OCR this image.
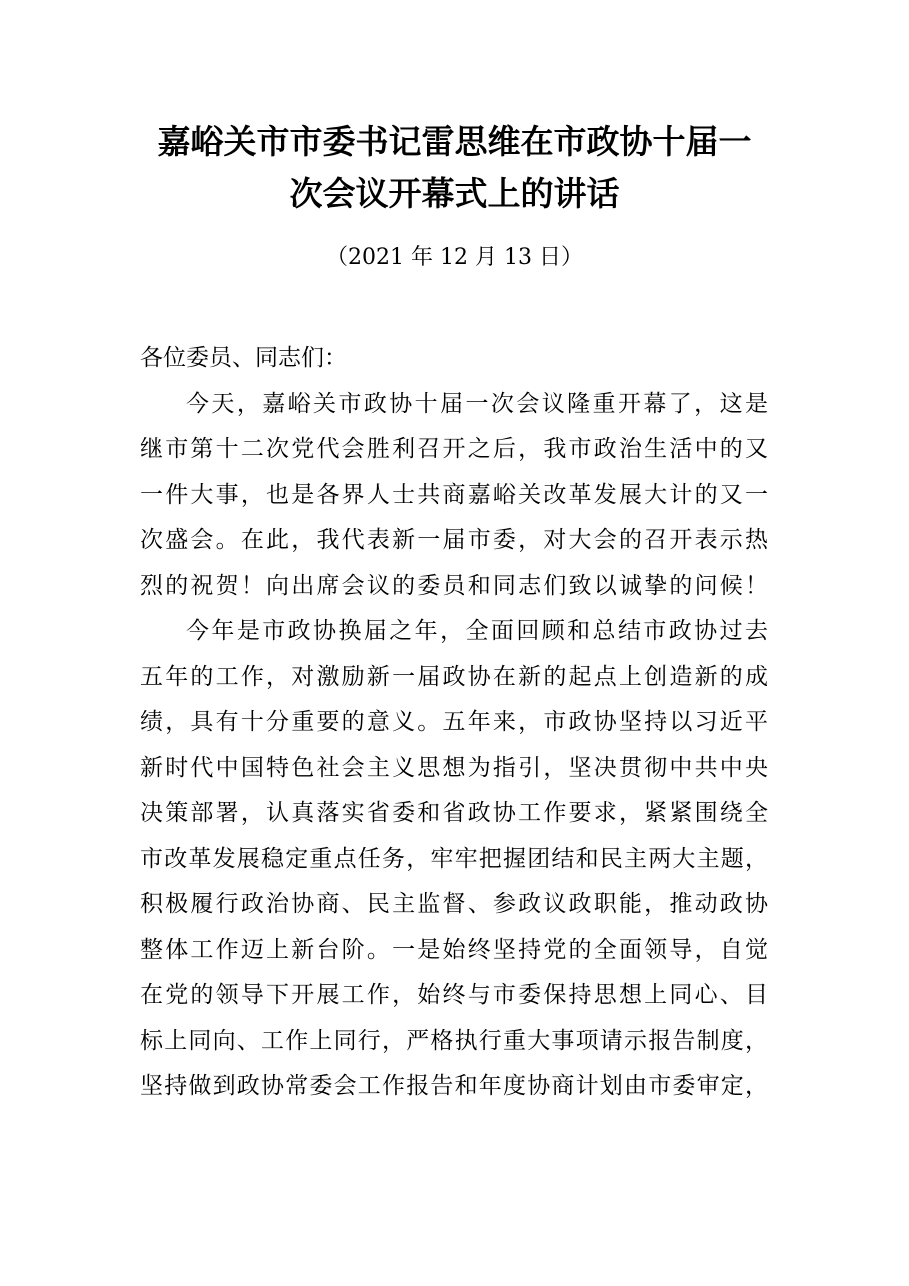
嘉峪关市市委书记雷思维在市政协十届一
次会议开幕式上的讲话
（2021 年 12 月 13 日）
各位委员、同志们：
今天，嘉峪关市政协十届一次会议隆重开幕了，这是
继市第十二次党代会胜利召开之后，我市政治生活中的又
一件大事，也是各界人士共商嘉峪关改革发展大计的又一
次盛会。在此，我代表新一届市委，对大会的召开表示热
烈的祝贺！向出席会议的委员和同志们致以诚挚的问候！
今年是市政协换届之年，全面回顾和总结市政协过去
五年的工作，对激励新一届政协在新的起点上创造新的成
绩，具有十分重要的意义。五年来，市政协坚持以习近平
新时代中国特色社会主义思想为指引，坚决贯彻中共中央
决策部署，认真落实省委和省政协工作要求，紧紧围绕全
市改革发展稳定重点任务，牢牢把握团结和民主两大主题，
积极履行政治协商、民主监督、参政议政职能，推动政协
整体工作迈上新台阶。一是始终坚持党的全面领导，自觉
在党的领导下开展工作，始终与市委保持思想上同心、目
标上同向、工作上同行，严格执行重大事项请示报告制度，
坚持做到政协常委会工作报告和年度协商计划由市委审定，
